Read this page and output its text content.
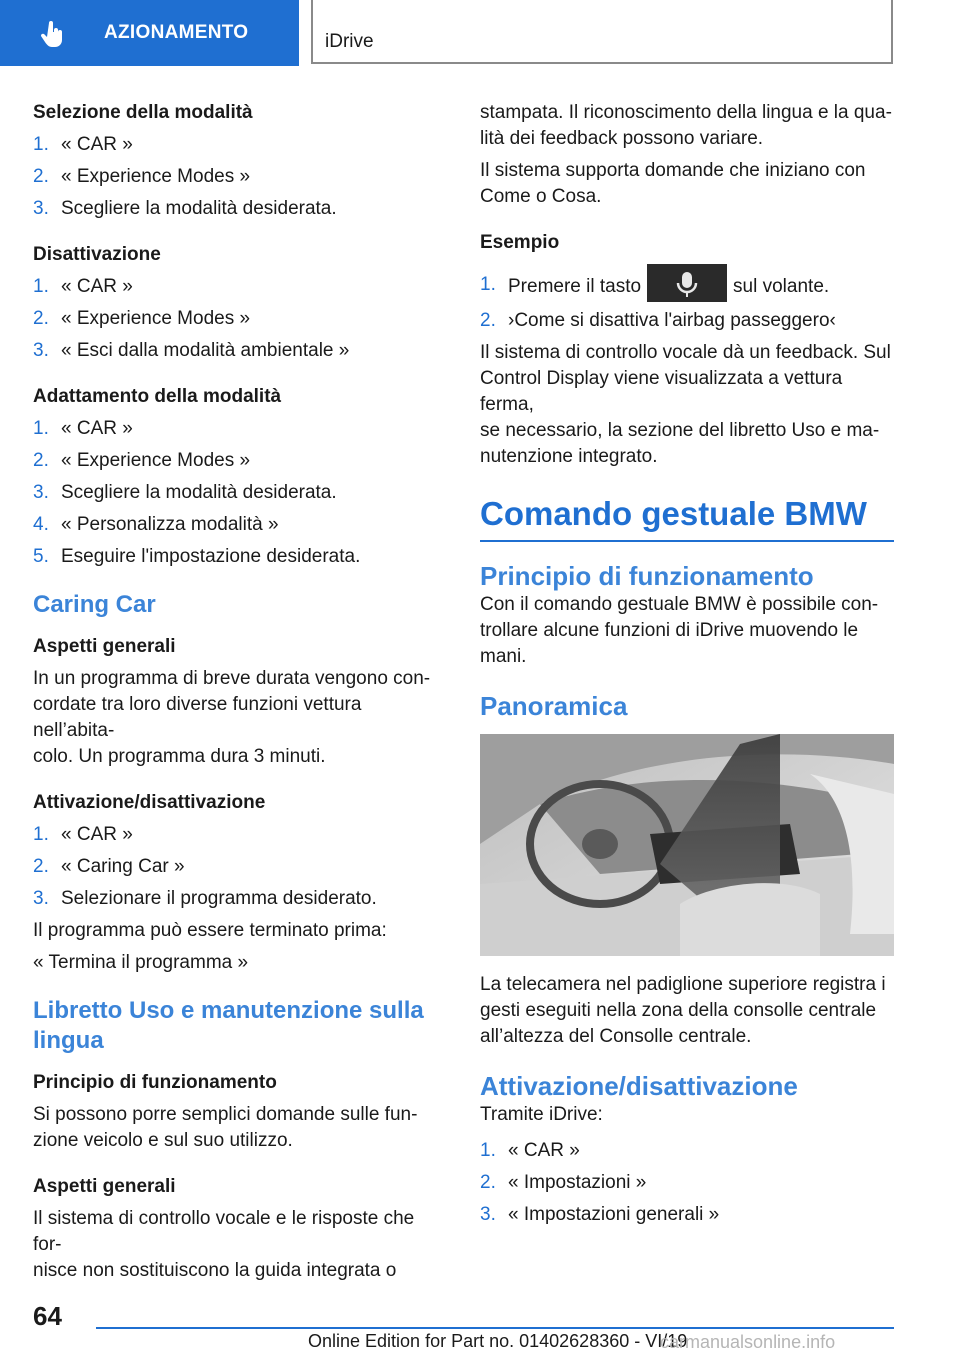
AZIONAMENTO	iDrive
Selezione della modalità
1. « CAR »
2. « Experience Modes »
3. Scegliere la modalità desiderata.
Disattivazione
1. « CAR »
2. « Experience Modes »
3. « Esci dalla modalità ambientale »
Adattamento della modalità
1. « CAR »
2. « Experience Modes »
3. Scegliere la modalità desiderata.
4. « Personalizza modalità »
5. Eseguire l'impostazione desiderata.
Caring Car
Aspetti generali
In un programma di breve durata vengono con-
cordate tra loro diverse funzioni vettura nell’abita-
colo. Un programma dura 3 minuti.
Attivazione/disattivazione
1. « CAR »
2. « Caring Car »
3. Selezionare il programma desiderato.
Il programma può essere terminato prima:
« Termina il programma »
Libretto Uso e manutenzione sulla
lingua
Principio di funzionamento
Si possono porre semplici domande sulle fun-
zione veicolo e sul suo utilizzo.
Aspetti generali
Il sistema di controllo vocale e le risposte che for-
nisce non sostituiscono la guida integrata o
stampata. Il riconoscimento della lingua e la qua-
lità dei feedback possono variare.
Il sistema supporta domande che iniziano con
Come o Cosa.
Esempio
1. Premere il tasto	sul volante.
2. ›Come si disattiva l'airbag passeggero‹
Il sistema di controllo vocale dà un feedback. Sul
Control Display viene visualizzata a vettura ferma,
se necessario, la sezione del libretto Uso e ma-
nutenzione integrato.
Comando gestuale BMW
Principio di funzionamento
Con il comando gestuale BMW è possibile con-
trollare alcune funzioni di iDrive muovendo le
mani.
Panoramica
La telecamera nel padiglione superiore registra i
gesti eseguiti nella zona della consolle centrale
all’altezza del Consolle centrale.
Attivazione/disattivazione
Tramite iDrive:
1. « CAR »
2. « Impostazioni »
3. « Impostazioni generali »
64
Online Edition for Part no. 01402628360 - VI/19
carmanualsonline.info
